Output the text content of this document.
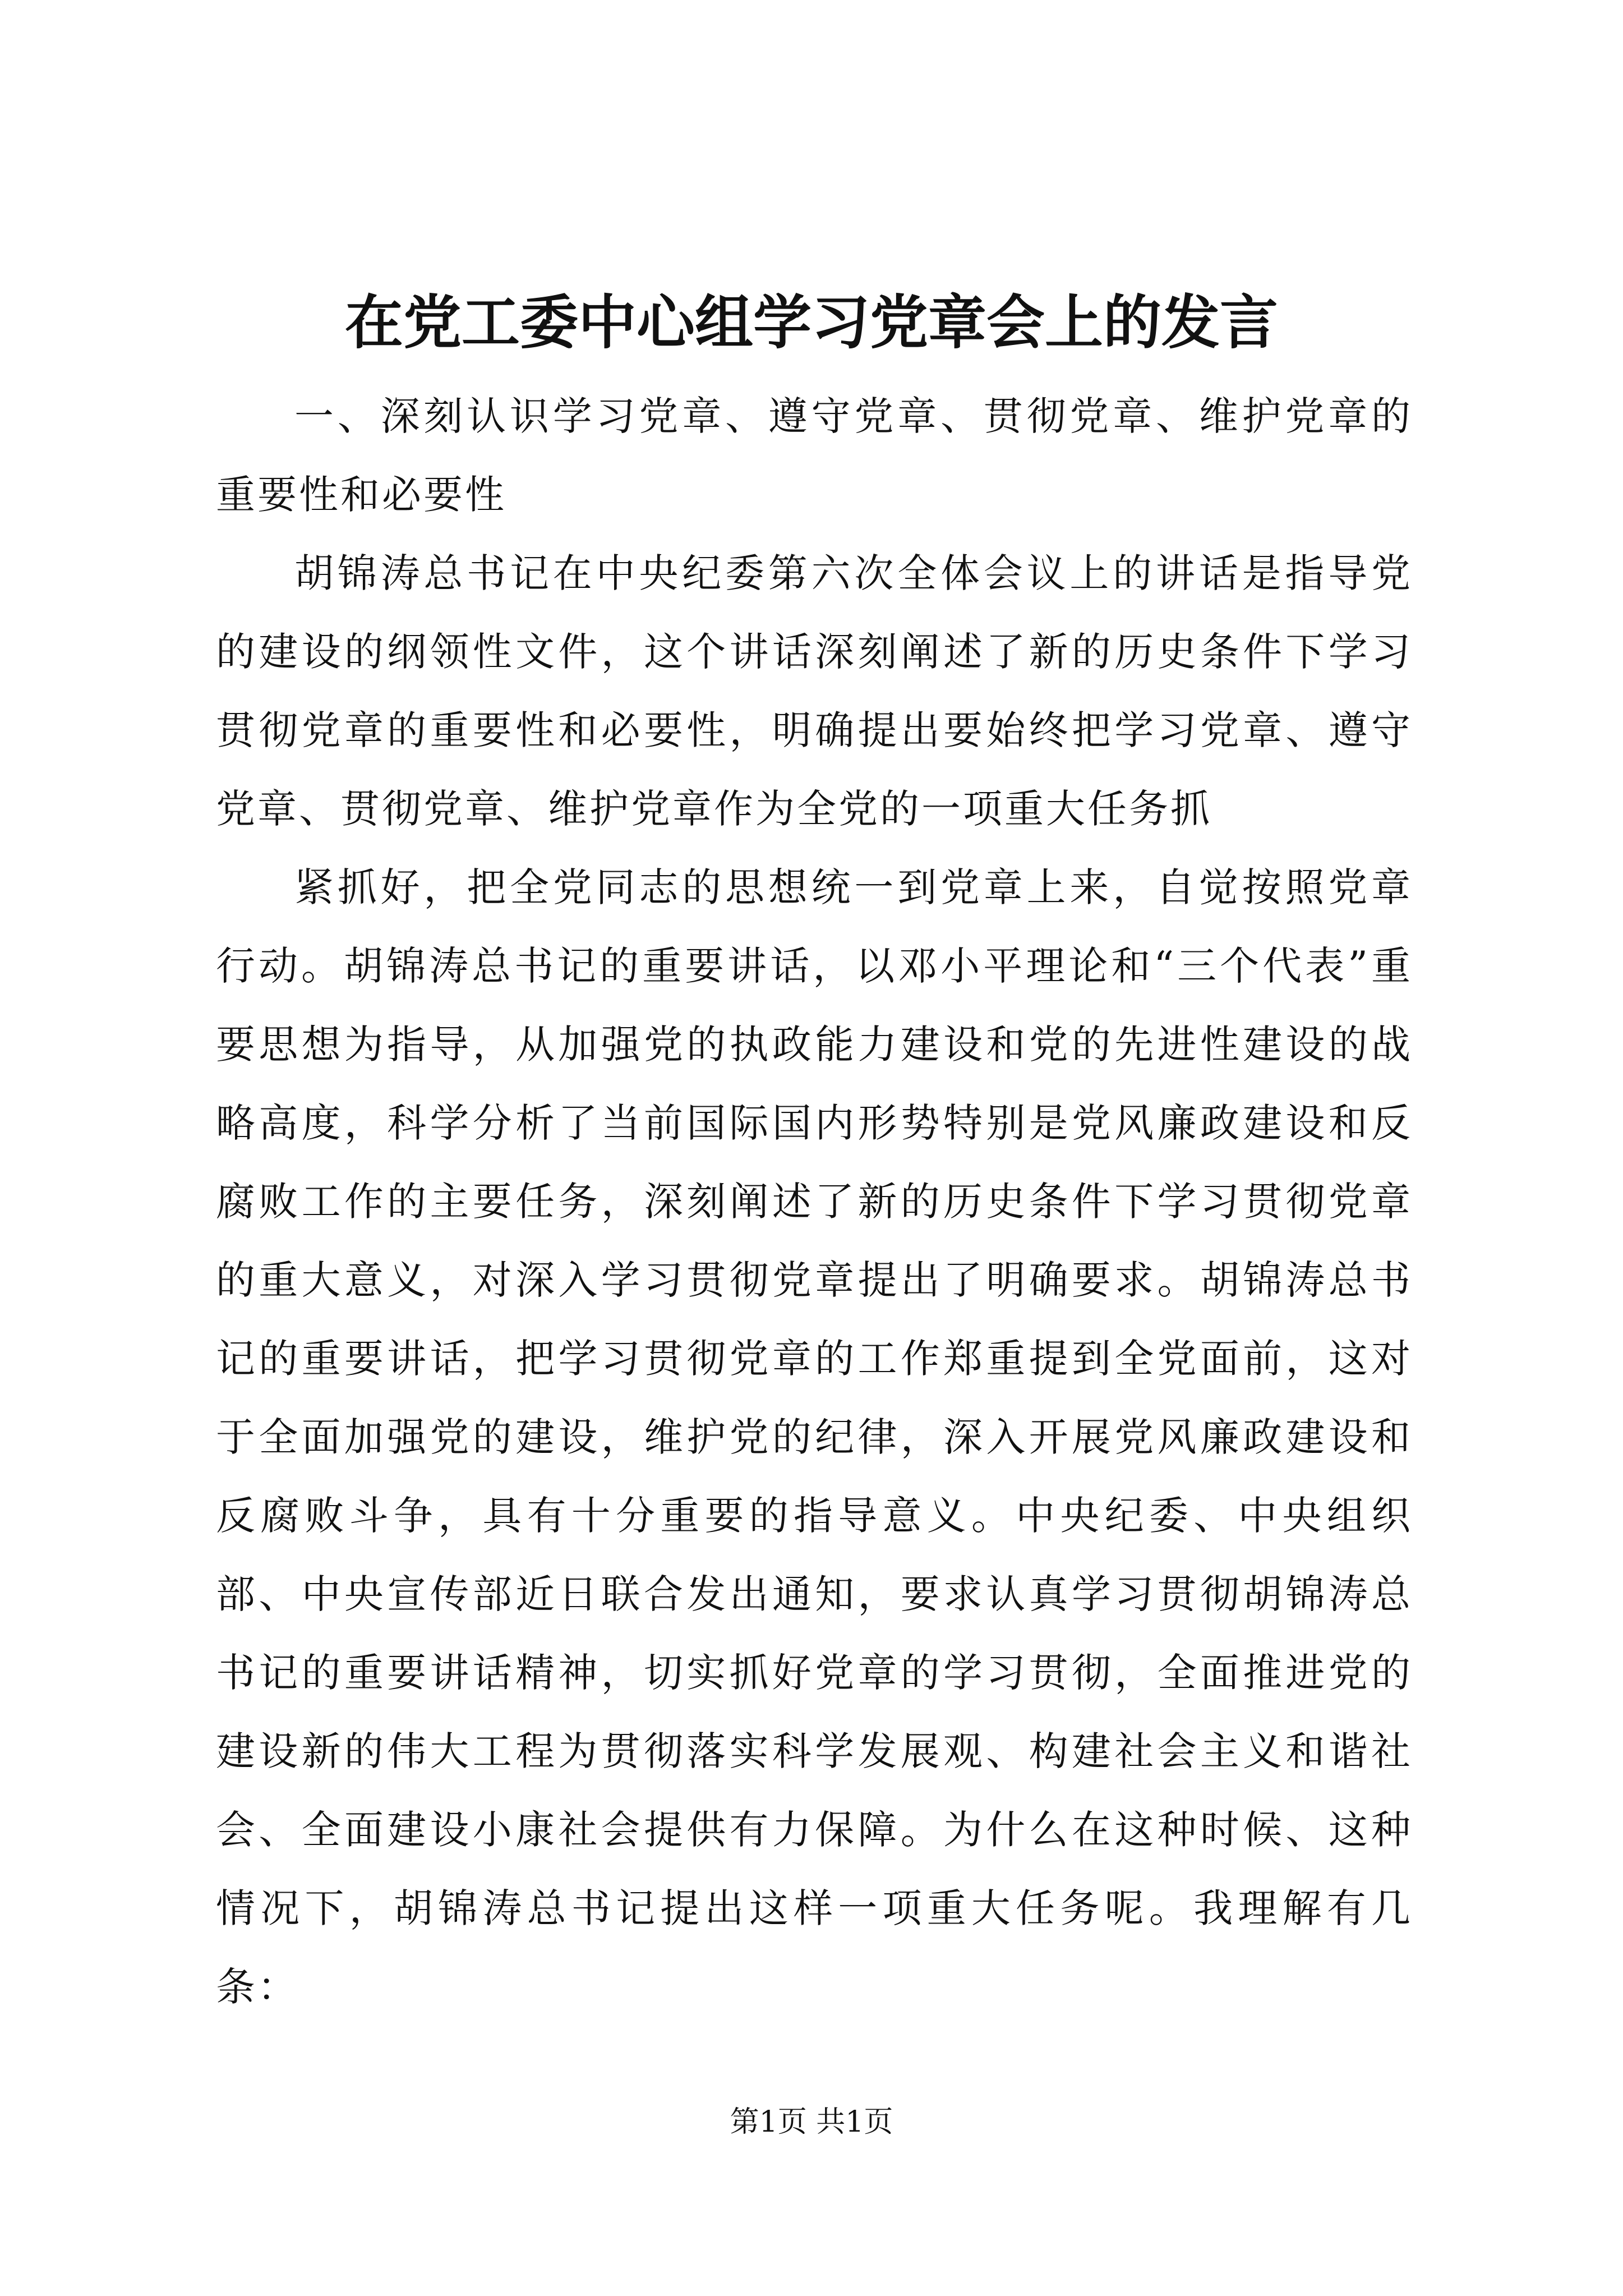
在党工委中心组学习党章会上的发言

一、深刻认识学习党章、遵守党章、贯彻党章、维护党章的重要性和必要性

胡锦涛总书记在中央纪委第六次全体会议上的讲话是指导党的建设的纲领性文件，这个讲话深刻阐述了新的历史条件下学习贯彻党章的重要性和必要性，明确提出要始终把学习党章、遵守党章、贯彻党章、维护党章作为全党的一项重大任务抓

紧抓好，把全党同志的思想统一到党章上来，自觉按照党章行动。胡锦涛总书记的重要讲话，以邓小平理论和“三个代表”重要思想为指导，从加强党的执政能力建设和党的先进性建设的战略高度，科学分析了当前国际国内形势特别是党风廉政建设和反腐败工作的主要任务，深刻阐述了新的历史条件下学习贯彻党章的重大意义，对深入学习贯彻党章提出了明确要求。胡锦涛总书记的重要讲话，把学习贯彻党章的工作郑重提到全党面前，这对于全面加强党的建设，维护党的纪律，深入开展党风廉政建设和反腐败斗争，具有十分重要的指导意义。中央纪委、中央组织部、中央宣传部近日联合发出通知，要求认真学习贯彻胡锦涛总书记的重要讲话精神，切实抓好党章的学习贯彻，全面推进党的建设新的伟大工程为贯彻落实科学发展观、构建社会主义和谐社会、全面建设小康社会提供有力保障。为什么在这种时候、这种情况下，胡锦涛总书记提出这样一项重大任务呢。我理解有几条：

第1页 共1页
